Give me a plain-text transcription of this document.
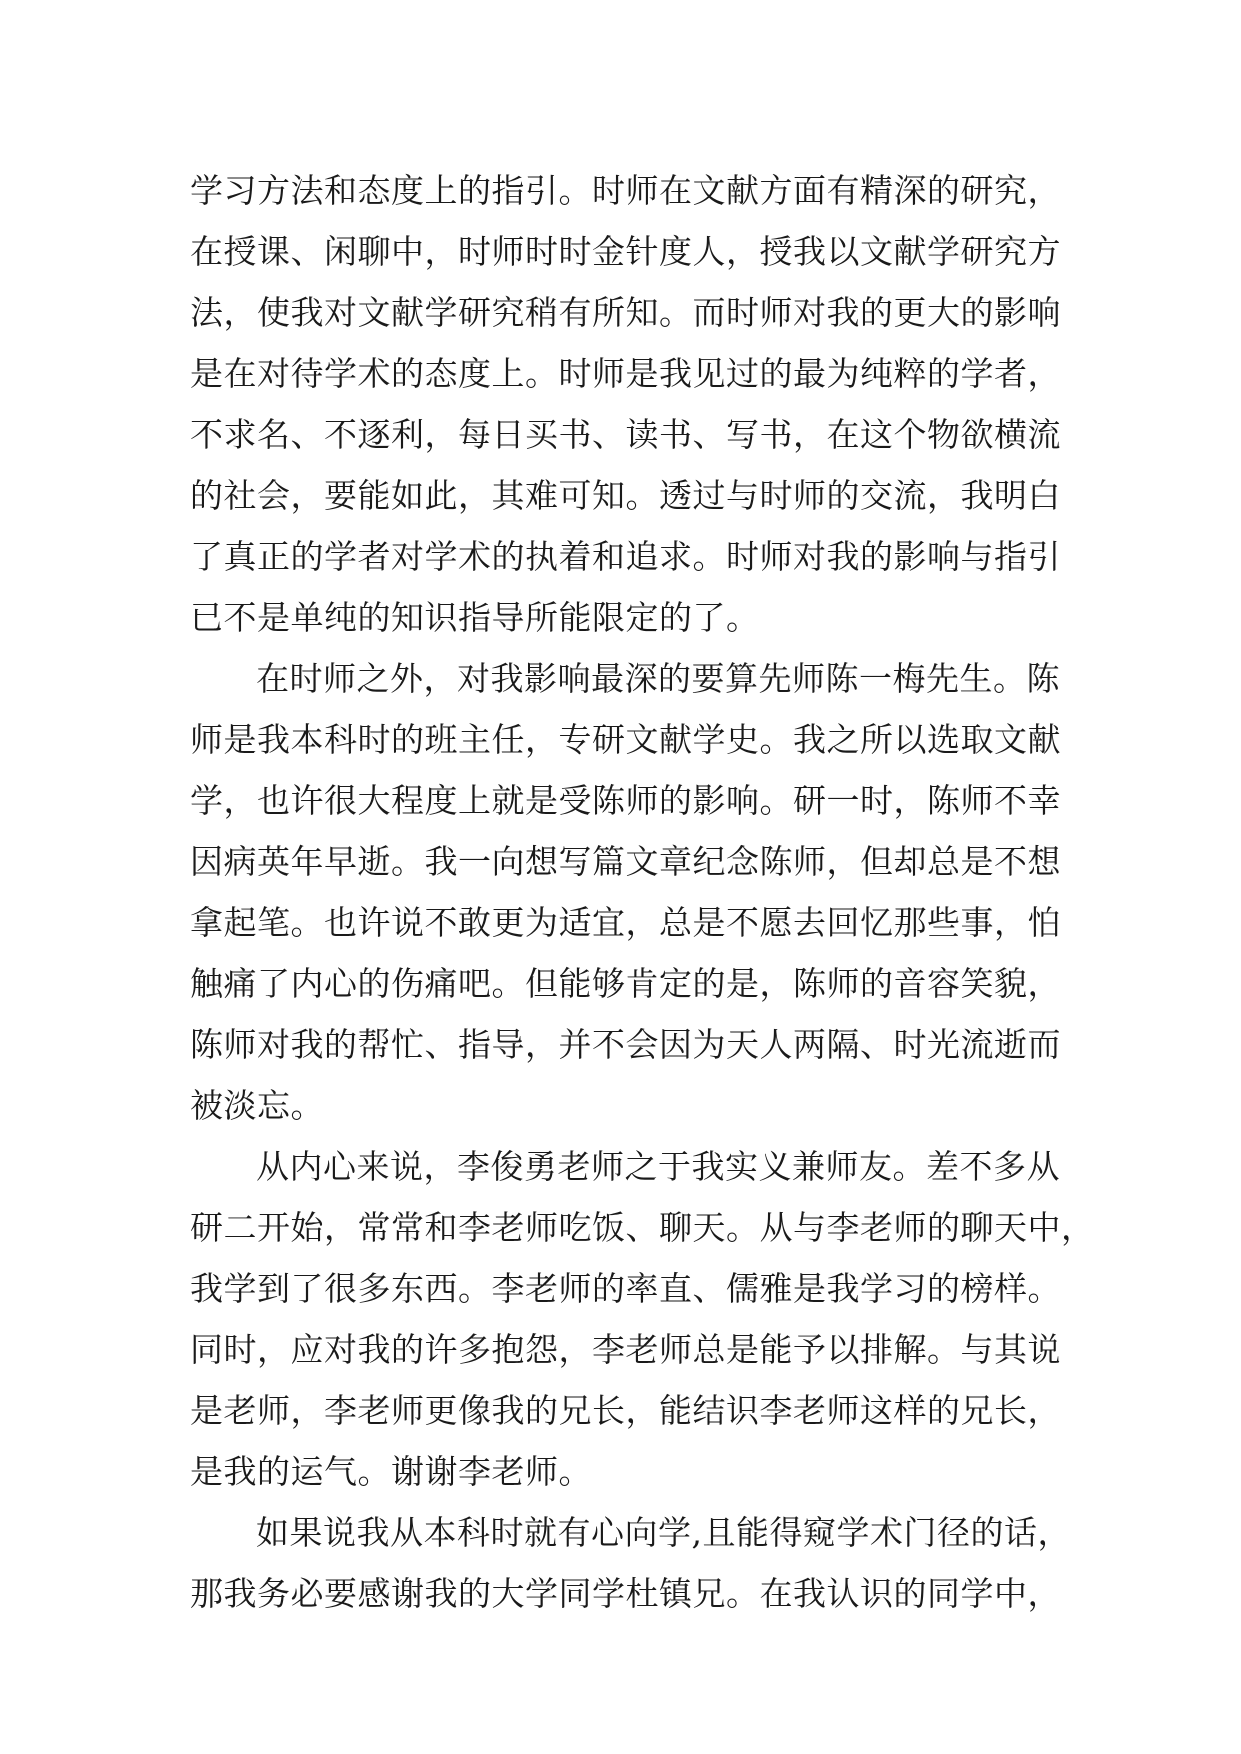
学习方法和态度上的指引。时师在文献方面有精深的研究，
在授课、闲聊中，时师时时金针度人，授我以文献学研究方
法，使我对文献学研究稍有所知。而时师对我的更大的影响
是在对待学术的态度上。时师是我见过的最为纯粹的学者，
不求名、不逐利，每日买书、读书、写书，在这个物欲横流
的社会，要能如此，其难可知。透过与时师的交流，我明白
了真正的学者对学术的执着和追求。时师对我的影响与指引
已不是单纯的知识指导所能限定的了。
在时师之外，对我影响最深的要算先师陈一梅先生。陈
师是我本科时的班主任，专研文献学史。我之所以选取文献
学，也许很大程度上就是受陈师的影响。研一时，陈师不幸
因病英年早逝。我一向想写篇文章纪念陈师，但却总是不想
拿起笔。也许说不敢更为适宜，总是不愿去回忆那些事，怕
触痛了内心的伤痛吧。但能够肯定的是，陈师的音容笑貌，
陈师对我的帮忙、指导，并不会因为天人两隔、时光流逝而
被淡忘。
从内心来说，李俊勇老师之于我实义兼师友。差不多从
研二开始，常常和李老师吃饭、聊天。从与李老师的聊天中，
我学到了很多东西。李老师的率直、儒雅是我学习的榜样。
同时，应对我的许多抱怨，李老师总是能予以排解。与其说
是老师，李老师更像我的兄长，能结识李老师这样的兄长，
是我的运气。谢谢李老师。
如果说我从本科时就有心向学,且能得窥学术门径的话，
那我务必要感谢我的大学同学杜镇兄。在我认识的同学中，
